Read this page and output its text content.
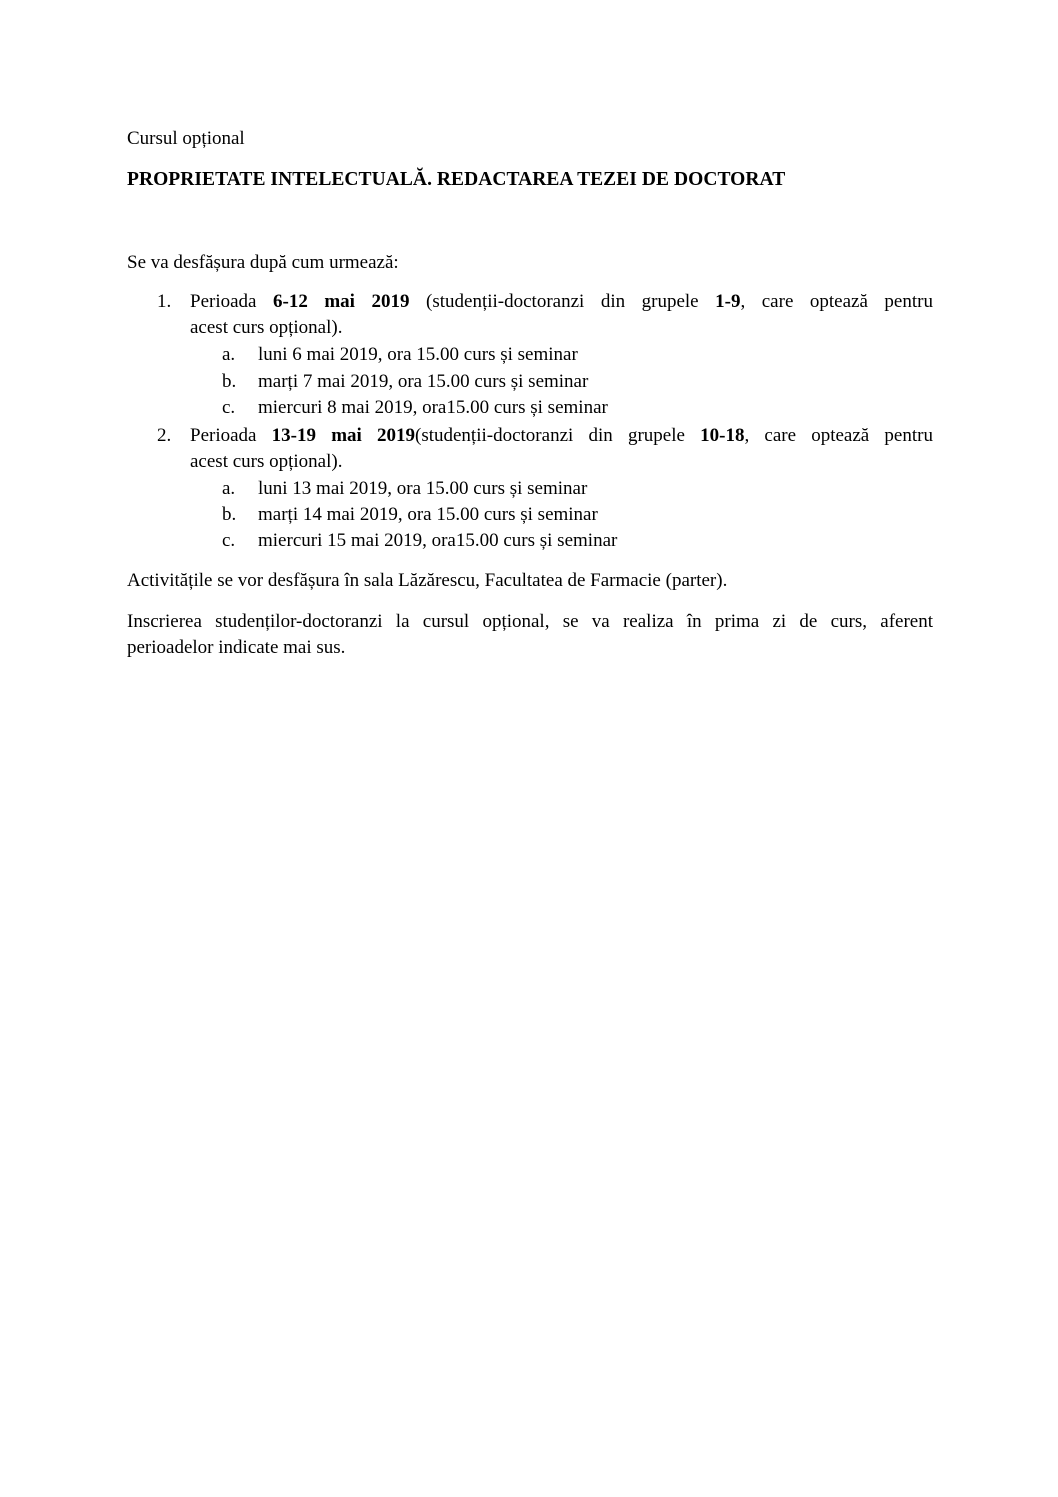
Cursul opțional
PROPRIETATE INTELECTUALĂ. REDACTAREA TEZEI DE DOCTORAT
Se va desfășura după cum urmează:
1. Perioada 6-12 mai 2019 (studenții-doctoranzi din grupele 1-9, care optează pentru
acest curs opțional).
a. luni 6 mai 2019, ora 15.00 curs și seminar
b. marți 7 mai 2019, ora 15.00 curs și seminar
c. miercuri 8 mai 2019, ora15.00 curs și seminar
2. Perioada 13-19 mai 2019(studenții-doctoranzi din grupele 10-18, care optează pentru
acest curs opțional).
a. luni 13 mai 2019, ora 15.00 curs și seminar
b. marți 14 mai 2019, ora 15.00 curs și seminar
c. miercuri 15 mai 2019, ora15.00 curs și seminar
Activitățile se vor desfășura în sala Lăzărescu, Facultatea de Farmacie (parter).
Inscrierea studenților-doctoranzi la cursul opțional, se va realiza în prima zi de curs, aferent
perioadelor indicate mai sus.
